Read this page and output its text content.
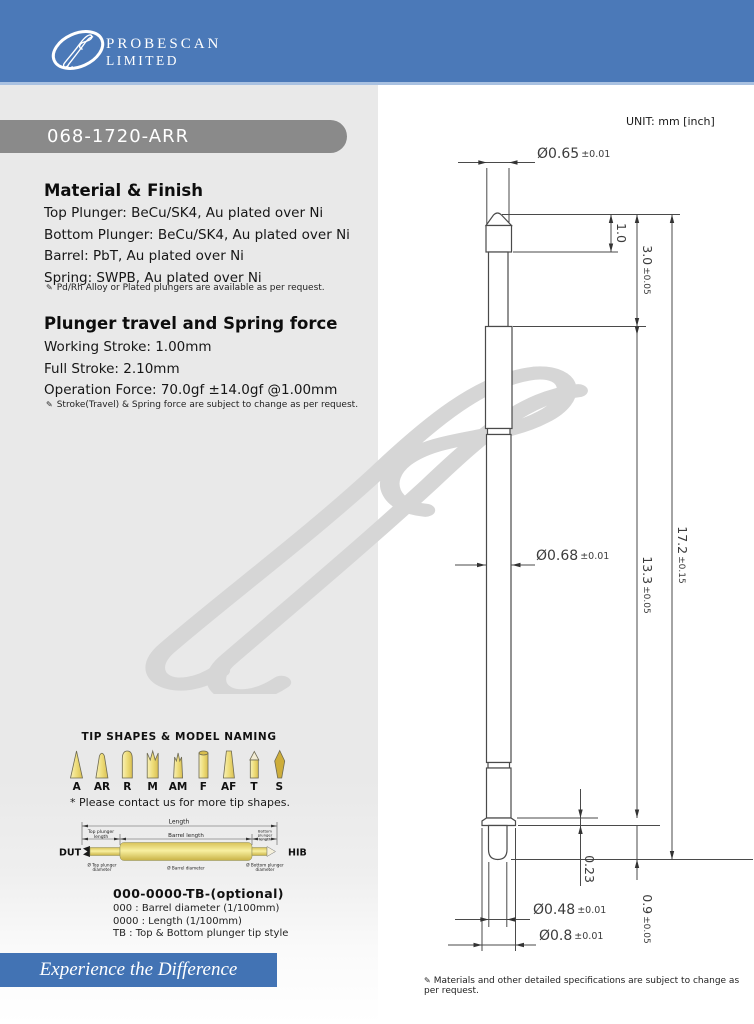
PROBESCAN
LIMITED
068-1720-ARR
UNIT: mm [inch]
Material & Finish
Top Plunger: BeCu/SK4, Au plated over Ni
Bottom Plunger: BeCu/SK4, Au plated over Ni
Barrel: PbT, Au plated over Ni
Spring: SWPB, Au plated over Ni
✎ Pd/Rh Alloy or Plated plungers are available as per request.
Plunger travel and Spring force
Working Stroke: 1.00mm
Full Stroke: 2.10mm
Operation Force: 70.0gf ±14.0gf @1.00mm
✎ Stroke(Travel) & Spring force are subject to change as per request.
Ø0.65 ±0.01
Ø0.68 ±0.01
Ø0.48 ±0.01
Ø0.8 ±0.01
1.0
3.0±0.05
13.3±0.05
17.2±0.15
0.23
0.9±0.05
TIP SHAPES & MODEL NAMING
A	AR	R	M	AM	F	AF	T	S
* Please contact us for more tip shapes.
Length
Top plunger
length	Barrel length
Bottom
plunger
length
DUT	HIB
Ø Top plunger
diameter	Ø Barrel diameter
Ø Bottom plunger
diameter
000-0000-TB-(optional)
000 : Barrel diameter (1/100mm)
0000 : Length (1/100mm)
TB : Top & Bottom plunger tip style
Experience the Difference
✎ Materials and other detailed specifications are subject to change as per request.
